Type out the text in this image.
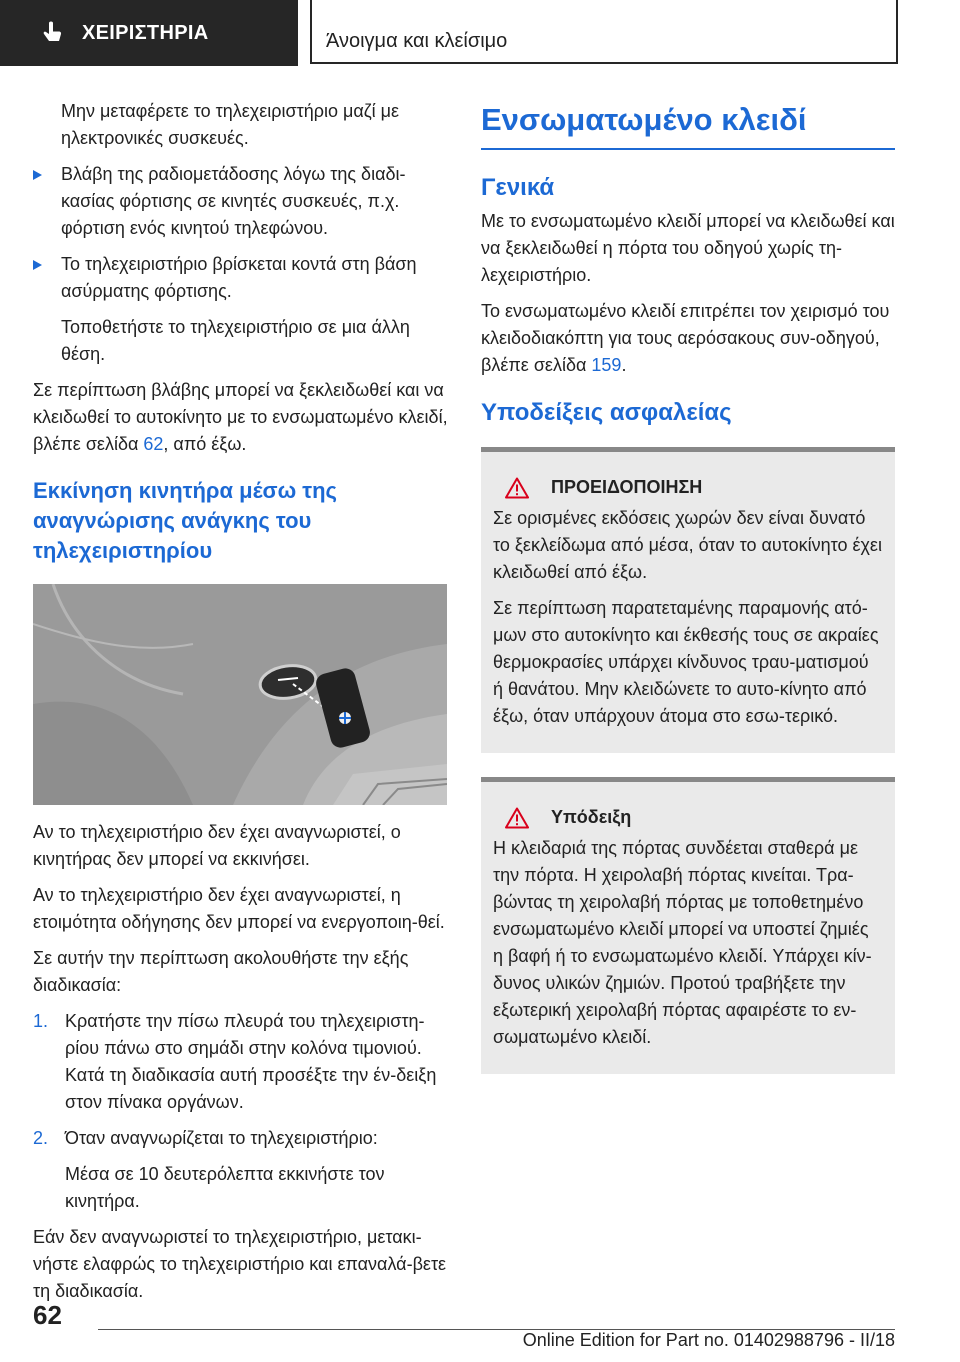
ΧΕΙΡΙΣΤΗΡΙΑ	Άνοιγμα και κλείσιμο

Μην μεταφέρετε το τηλεχειριστήριο μαζί με ηλεκτρονικές συσκευές.

Βλάβη της ραδιομετάδοσης λόγω της διαδι-κασίας φόρτισης σε κινητές συσκευές, π.χ. φόρτιση ενός κινητού τηλεφώνου.
Το τηλεχειριστήριο βρίσκεται κοντά στη βάση ασύρματης φόρτισης.

Τοποθετήστε το τηλεχειριστήριο σε μια άλλη θέση.

Σε περίπτωση βλάβης μπορεί να ξεκλειδωθεί και να κλειδωθεί το αυτοκίνητο με το ενσωματωμένο κλειδί, βλέπε σελίδα 62, από έξω.

Εκκίνηση κινητήρα μέσω της αναγνώρισης ανάγκης του τηλεχειριστηρίου

Αν το τηλεχειριστήριο δεν έχει αναγνωριστεί, ο κινητήρας δεν μπορεί να εκκινήσει.

Αν το τηλεχειριστήριο δεν έχει αναγνωριστεί, η ετοιμότητα οδήγησης δεν μπορεί να ενεργοποιη-θεί.

Σε αυτήν την περίπτωση ακολουθήστε την εξής διαδικασία:

1. Κρατήστε την πίσω πλευρά του τηλεχειριστη-ρίου πάνω στο σημάδι στην κολόνα τιμονιού. Κατά τη διαδικασία αυτή προσέξτε την έν-δειξη στον πίνακα οργάνων.
2. Όταν αναγνωρίζεται το τηλεχειριστήριο:

Μέσα σε 10 δευτερόλεπτα εκκινήστε τον κινητήρα.

Εάν δεν αναγνωριστεί το τηλεχειριστήριο, μετακι-νήστε ελαφρώς το τηλεχειριστήριο και επαναλά-βετε τη διαδικασία.

Ενσωματωμένο κλειδί
Γενικά

Με το ενσωματωμένο κλειδί μπορεί να κλειδωθεί και να ξεκλειδωθεί η πόρτα του οδηγού χωρίς τη-λεχειριστήριο.

Το ενσωματωμένο κλειδί επιτρέπει τον χειρισμό του κλειδοδιακόπτη για τους αερόσακους συν-οδηγού, βλέπε σελίδα 159.

Υποδείξεις ασφαλείας
ΠΡΟΕΙΔΟΠΟΙΗΣΗ

Σε ορισμένες εκδόσεις χωρών δεν είναι δυνατό το ξεκλείδωμα από μέσα, όταν το αυτοκίνητο έχει κλειδωθεί από έξω.

Σε περίπτωση παρατεταμένης παραμονής ατό-μων στο αυτοκίνητο και έκθεσής τους σε ακραίες θερμοκρασίες υπάρχει κίνδυνος τραυ-ματισμού ή θανάτου. Μην κλειδώνετε το αυτο-κίνητο από έξω, όταν υπάρχουν άτομα στο εσω-τερικό.

Υπόδειξη

Η κλειδαριά της πόρτας συνδέεται σταθερά με την πόρτα. Η χειρολαβή πόρτας κινείται. Τρα-βώντας τη χειρολαβή πόρτας με τοποθετημένο ενσωματωμένο κλειδί μπορεί να υποστεί ζημιές η βαφή ή το ενσωματωμένο κλειδί. Υπάρχει κίν-δυνος υλικών ζημιών. Προτού τραβήξετε την εξωτερική χειρολαβή πόρτας αφαιρέστε το εν-σωματωμένο κλειδί.

62
Online Edition for Part no. 01402988796 - II/18
